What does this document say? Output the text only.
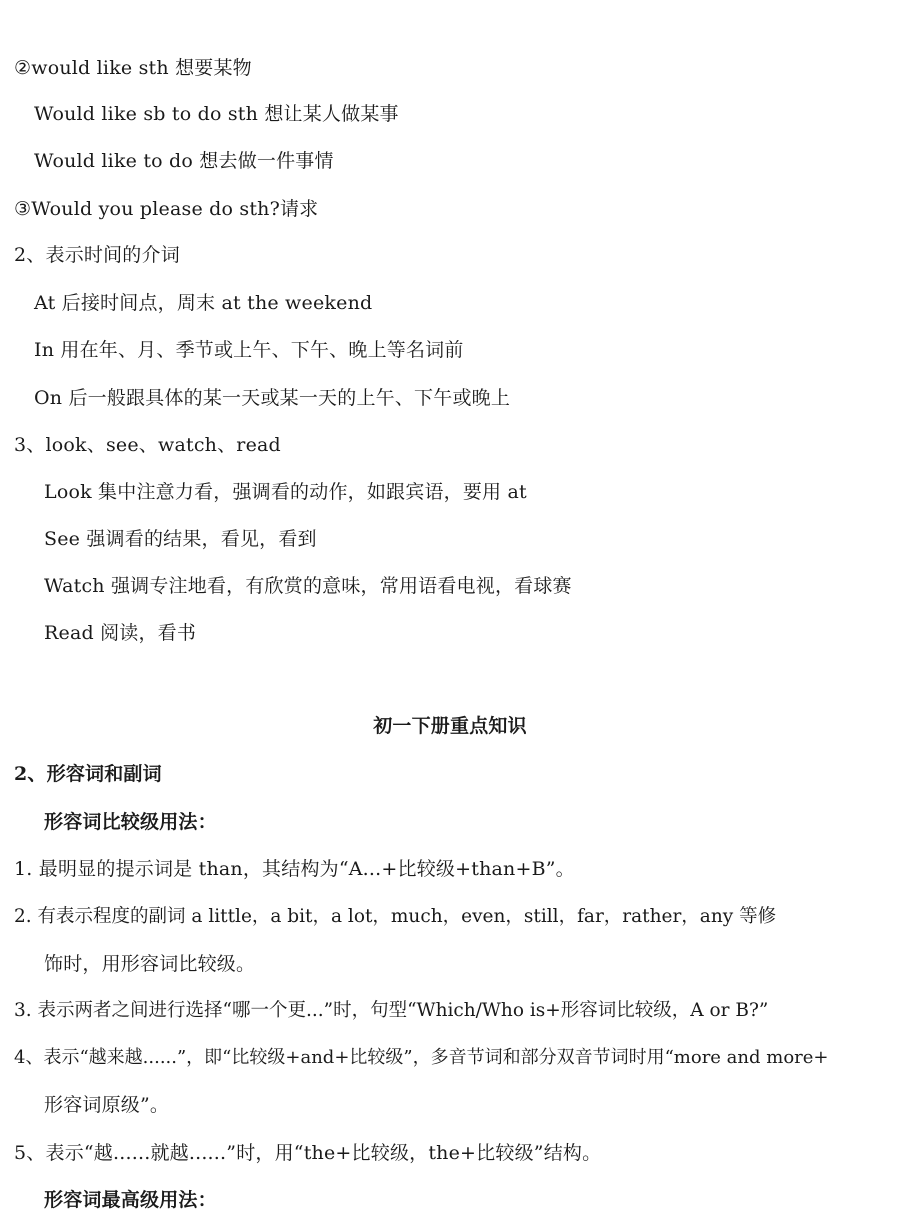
②would like sth 想要某物
Would like sb to do sth 想让某人做某事
Would like to do 想去做一件事情
③Would you please do sth?请求
2、表示时间的介词
At 后接时间点，周末 at the weekend
In 用在年、月、季节或上午、下午、晚上等名词前
On 后一般跟具体的某一天或某一天的上午、下午或晚上
3、look、see、watch、read
Look 集中注意力看，强调看的动作，如跟宾语，要用 at
See 强调看的结果，看见，看到
Watch 强调专注地看，有欣赏的意味，常用语看电视，看球赛
Read 阅读，看书
初一下册重点知识
2、形容词和副词
形容词比较级用法：
1. 最明显的提示词是 than，其结构为“A...+比较级+than+B”。
2. 有表示程度的副词 a little，a bit，a lot，much，even，still，far，rather，any 等修
饰时，用形容词比较级。
3. 表示两者之间进行选择“哪一个更...”时，句型“Which/Who is+形容词比较级，A or B?”
4、表示“越来越......”，即“比较级+and+比较级”，多音节词和部分双音节词时用“more and more+
形容词原级”。
5、表示“越......就越......”时，用“the+比较级，the+比较级”结构。
形容词最高级用法：
